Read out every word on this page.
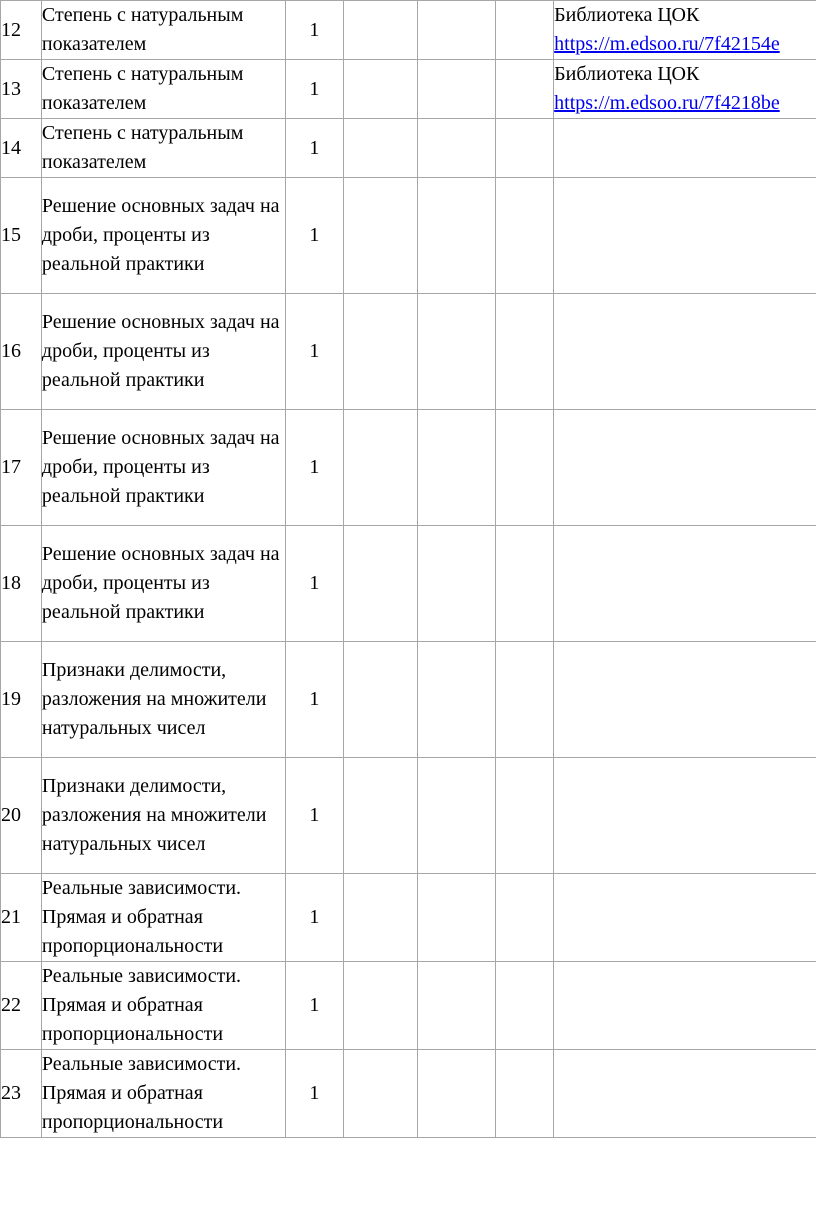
12	Степень с натуральным показателем	1				Библиотека ЦОК
https://m.edsoo.ru/7f42154e

13	Степень с натуральным показателем	1				Библиотека ЦОК
https://m.edsoo.ru/7f4218be

14	Степень с натуральным показателем	1				
15	Решение основных задач на дроби, проценты из реальной практики	1				
16	Решение основных задач на дроби, проценты из реальной практики	1				
17	Решение основных задач на дроби, проценты из реальной практики	1				
18	Решение основных задач на дроби, проценты из реальной практики	1				
19	Признаки делимости, разложения на множители натуральных чисел	1				
20	Признаки делимости, разложения на множители натуральных чисел	1				
21	Реальные зависимости. Прямая и обратная пропорциональности	1				
22	Реальные зависимости. Прямая и обратная пропорциональности	1				
23	Реальные зависимости. Прямая и обратная пропорциональности	1				
